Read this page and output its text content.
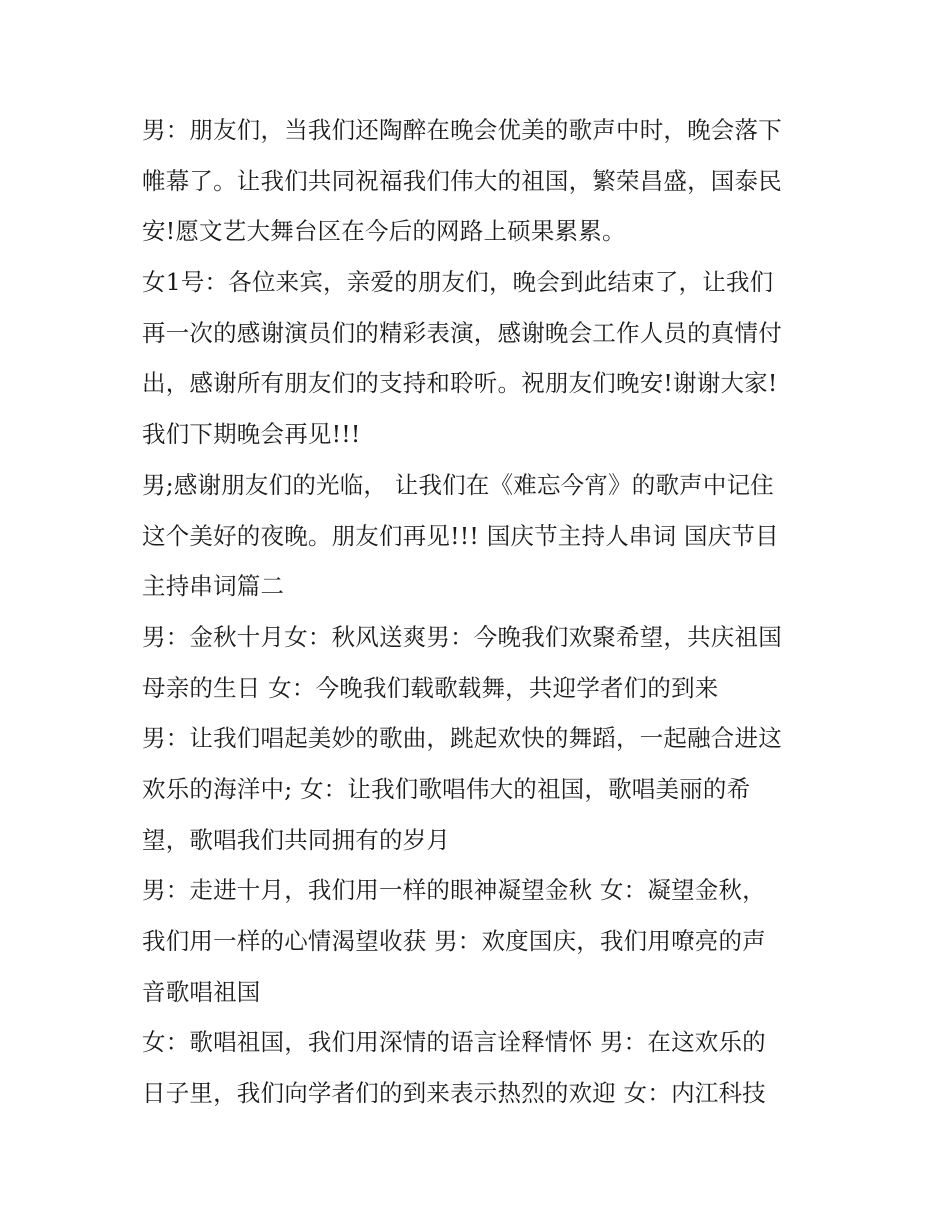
男：朋友们，当我们还陶醉在晚会优美的歌声中时，晚会落下
帷幕了。让我们共同祝福我们伟大的祖国，繁荣昌盛，国泰民
安!愿文艺大舞台区在今后的网路上硕果累累。
女1号：各位来宾，亲爱的朋友们，晚会到此结束了，让我们
再一次的感谢演员们的精彩表演，感谢晚会工作人员的真情付
出，感谢所有朋友们的支持和聆听。祝朋友们晚安!谢谢大家!
我们下期晚会再见!!!
男;感谢朋友们的光临， 让我们在《难忘今宵》的歌声中记住
这个美好的夜晚。朋友们再见!!! 国庆节主持人串词 国庆节目
主持串词篇二
男：金秋十月女：秋风送爽男：今晚我们欢聚希望，共庆祖国
母亲的生日 女：今晚我们载歌载舞，共迎学者们的到来
男：让我们唱起美妙的歌曲，跳起欢快的舞蹈，一起融合进这
欢乐的海洋中; 女：让我们歌唱伟大的祖国，歌唱美丽的希
望，歌唱我们共同拥有的岁月
男：走进十月，我们用一样的眼神凝望金秋 女：凝望金秋，
我们用一样的心情渴望收获 男：欢度国庆，我们用嘹亮的声
音歌唱祖国
女：歌唱祖国，我们用深情的语言诠释情怀 男：在这欢乐的
日子里，我们向学者们的到来表示热烈的欢迎 女：内江科技
